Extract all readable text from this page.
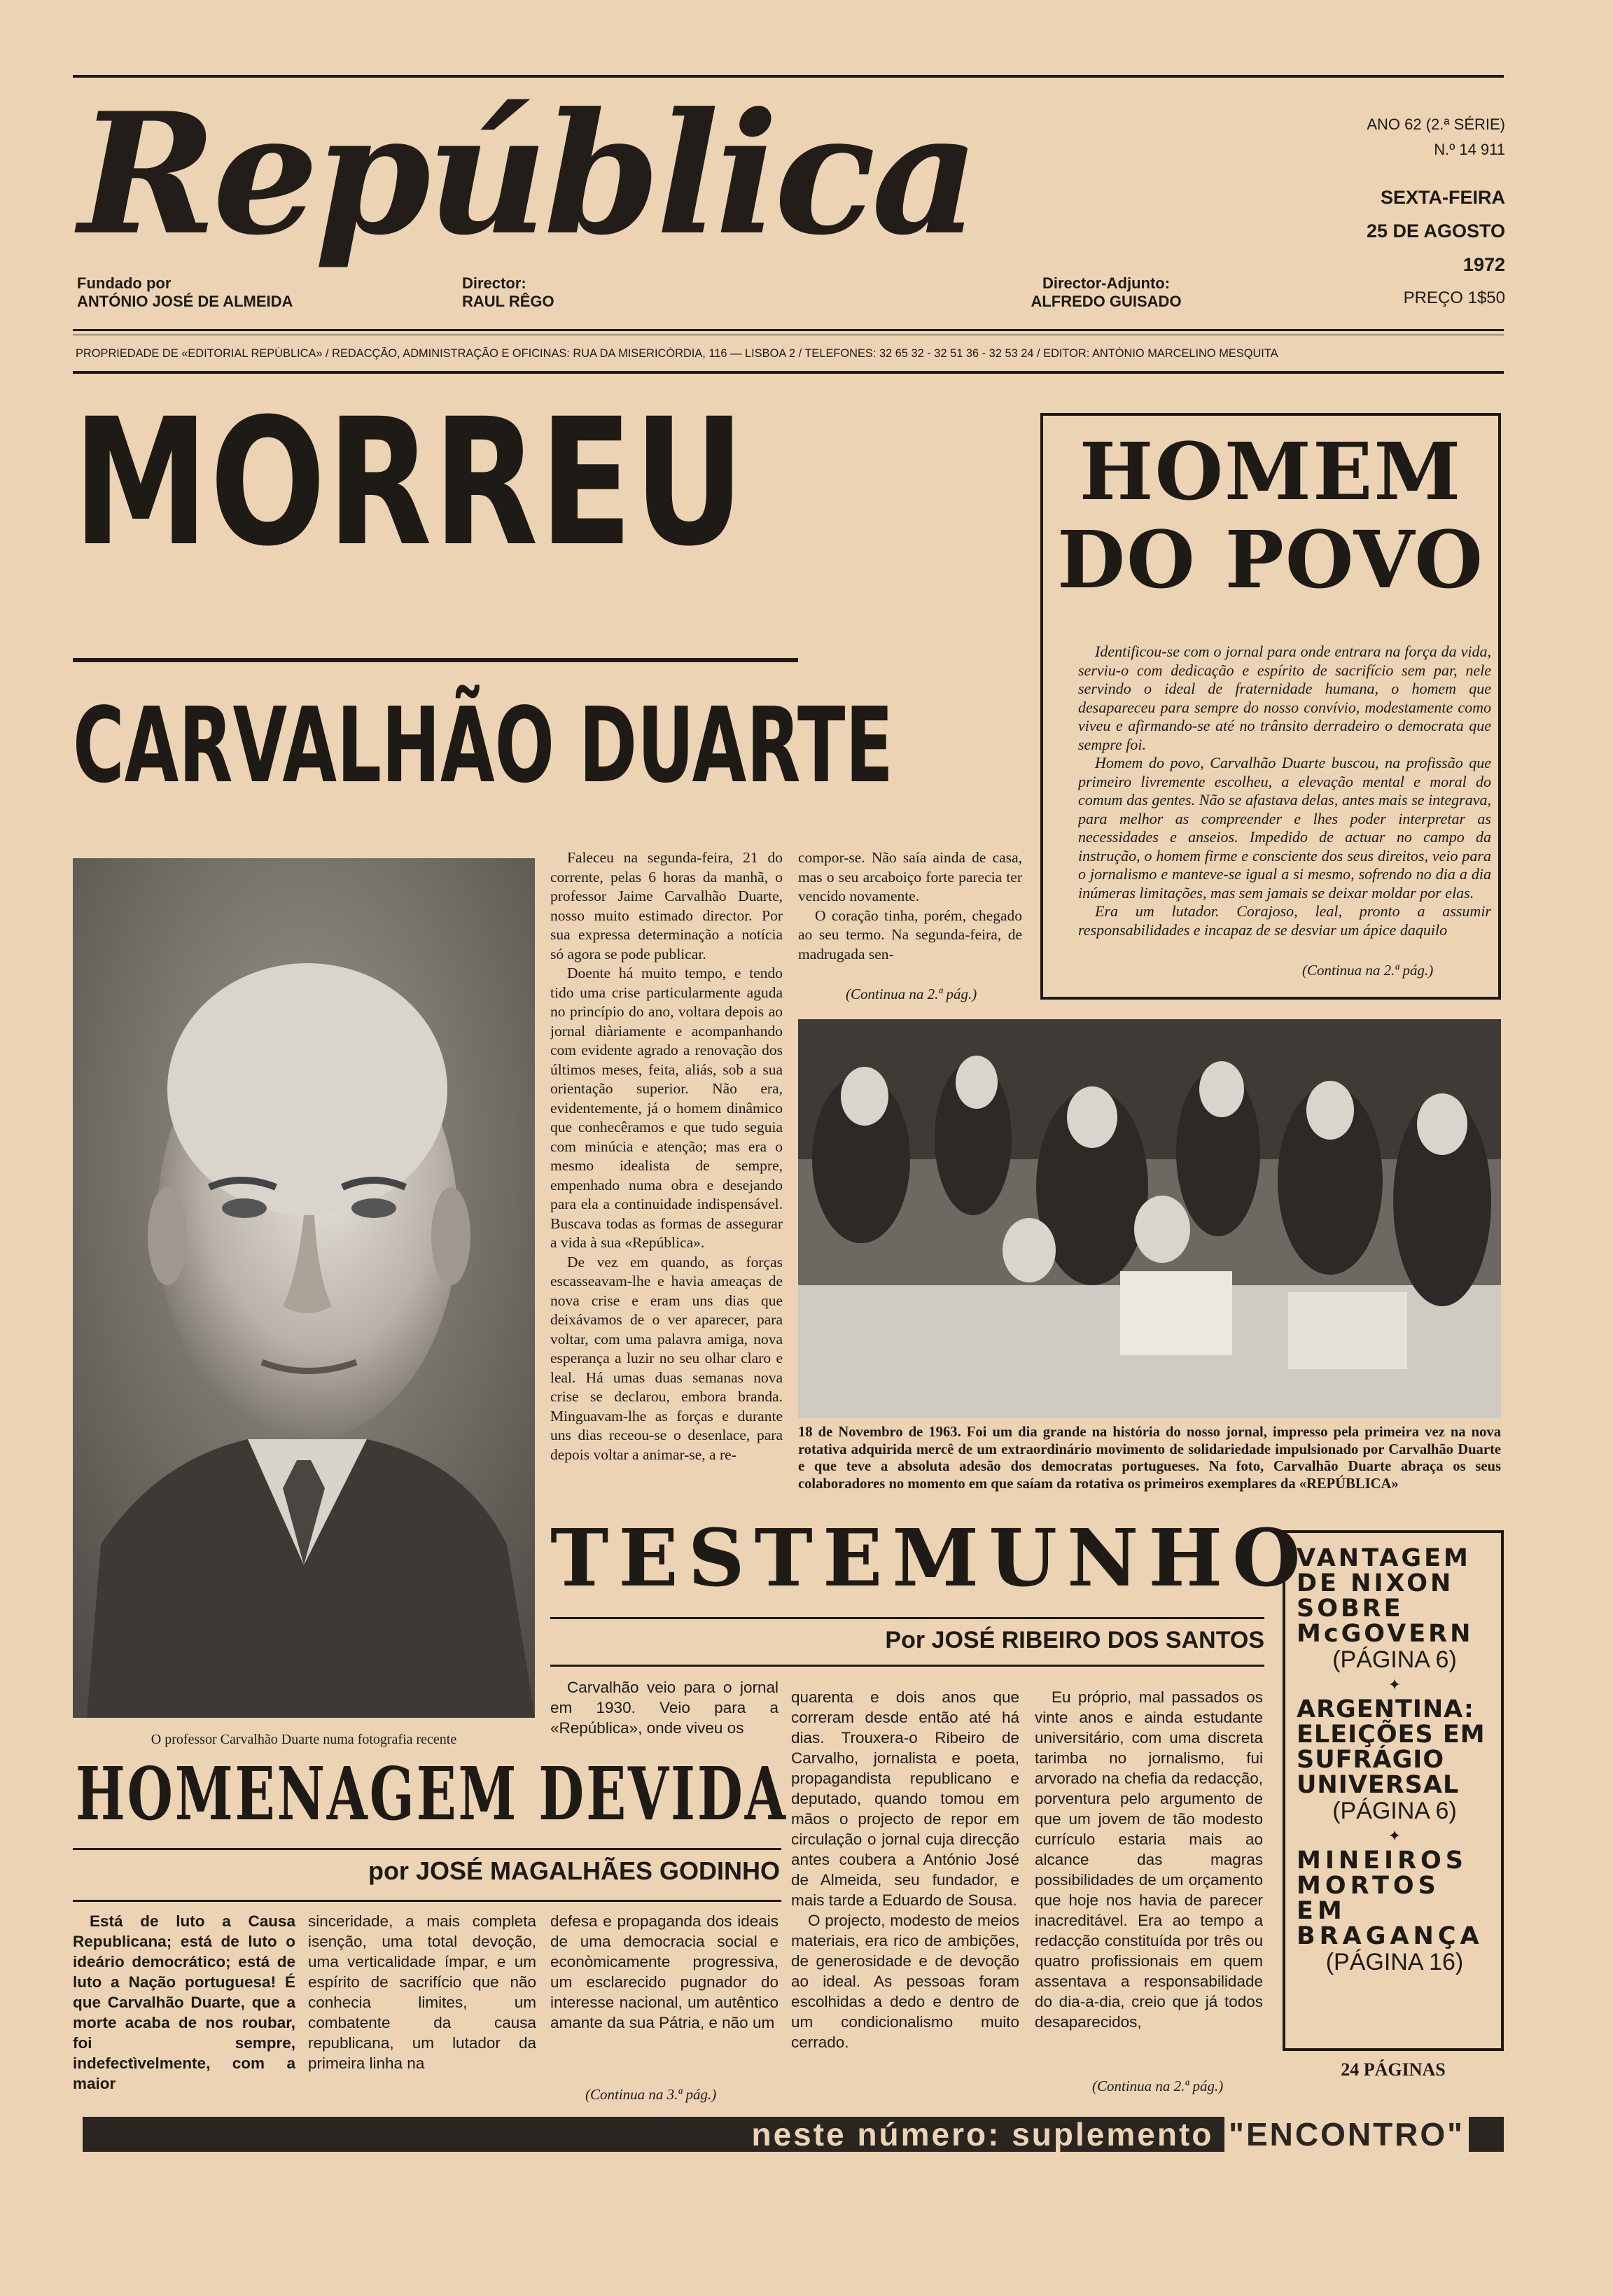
República
Fundado por
ANTÓNIO JOSÉ DE ALMEIDA
Director:
RAUL RÊGO
Director-Adjunto:
ALFREDO GUISADO
ANO 62 (2.ª SÉRIE)
N.º 14 911
SEXTA-FEIRA
25 DE AGOSTO
1972
PREÇO 1$50
PROPRIEDADE DE «EDITORIAL REPÚBLICA» / REDACÇÃO, ADMINISTRAÇÃO E OFICINAS: RUA DA MISERICÓRDIA, 116 — LISBOA 2 / TELEFONES: 32 65 32 - 32 51 36 - 32 53 24 / EDITOR: ANTÓNIO MARCELINO MESQUITA
MORREU
CARVALHÃO DUARTE
HOMEM
DO POVO

Identificou-se com o jornal para onde entrara na força da vida, serviu-o com dedicação e espírito de sacrifício sem par, nele servindo o ideal de fraternidade humana, o homem que desapareceu para sempre do nosso convívio, modestamente como viveu e afirmando-se até no trânsito derradeiro o democrata que sempre foi.

Homem do povo, Carvalhão Duarte buscou, na profissão que primeiro livremente escolheu, a elevação mental e moral do comum das gentes. Não se afastava delas, antes mais se integrava, para melhor as compreender e lhes poder interpretar as necessidades e anseios. Impedido de actuar no campo da instrução, o homem firme e consciente dos seus direitos, veio para o jornalismo e manteve-se igual a si mesmo, sofrendo no dia a dia inúmeras limitações, mas sem jamais se deixar moldar por elas.

Era um lutador. Corajoso, leal, pronto a assumir responsabilidades e incapaz de se desviar um ápice daquilo

(Continua na 2.ª pág.)
O professor Carvalhão Duarte numa fotografia recente

Faleceu na segunda-feira, 21 do corrente, pelas 6 horas da manhã, o professor Jaime Carvalhão Duarte, nosso muito estimado director. Por sua expressa determinação a notícia só agora se pode publicar.

Doente há muito tempo, e tendo tido uma crise particularmente aguda no princípio do ano, voltara depois ao jornal diàriamente e acompanhando com evidente agrado a renovação dos últimos meses, feita, aliás, sob a sua orientação superior. Não era, evidentemente, já o homem dinâmico que conhecêramos e que tudo seguia com minúcia e atenção; mas era o mesmo idealista de sempre, empenhado numa obra e desejando para ela a continuidade indispensável. Buscava todas as formas de assegurar a vida à sua «República».

De vez em quando, as forças escasseavam-lhe e havia ameaças de nova crise e eram uns dias que deixávamos de o ver aparecer, para voltar, com uma palavra amiga, nova esperança a luzir no seu olhar claro e leal. Há umas duas semanas nova crise se declarou, embora branda. Minguavam-lhe as forças e durante uns dias receou-se o desenlace, para depois voltar a animar-se, a re-

compor-se. Não saía ainda de casa, mas o seu arcaboiço forte parecia ter vencido novamente.

O coração tinha, porém, chegado ao seu termo. Na segunda-feira, de madrugada sen-

(Continua na 2.ª pág.)
18 de Novembro de 1963. Foi um dia grande na história do nosso jornal, impresso pela primeira vez na nova rotativa adquirida mercê de um extraordinário movimento de solidariedade impulsionado por Carvalhão Duarte e que teve a absoluta adesão dos democratas portugueses. Na foto, Carvalhão Duarte abraça os seus colaboradores no momento em que saíam da rotativa os primeiros exemplares da «REPÚBLICA»
TESTEMUNHO
Por JOSÉ RIBEIRO DOS SANTOS

Carvalhão veio para o jornal em 1930. Veio para a «República», onde viveu os

quarenta e dois anos que correram desde então até há dias. Trouxera-o Ribeiro de Carvalho, jornalista e poeta, propagandista republicano e deputado, quando tomou em mãos o projecto de repor em circulação o jornal cuja direcção antes coubera a António José de Almeida, seu fundador, e mais tarde a Eduardo de Sousa.

O projecto, modesto de meios materiais, era rico de ambições, de generosidade e de devoção ao ideal. As pessoas foram escolhidas a dedo e dentro de um condicionalismo muito cerrado.

Eu próprio, mal passados os vinte anos e ainda estudante universitário, com uma discreta tarimba no jornalismo, fui arvorado na chefia da redacção, porventura pelo argumento de que um jovem de tão modesto currículo estaria mais ao alcance das magras possibilidades de um orçamento que hoje nos havia de parecer inacreditável. Era ao tempo a redacção constituída por três ou quatro profissionais em quem assentava a responsabilidade do dia-a-dia, creio que já todos desaparecidos,

(Continua na 2.ª pág.)
HOMENAGEM DEVIDA
por JOSÉ MAGALHÃES GODINHO

Está de luto a Causa Republicana; está de luto o ideário democrático; está de luto a Nação portuguesa! É que Carvalhão Duarte, que a morte acaba de nos roubar, foi sempre, indefectìvelmente, com a maior

sinceridade, a mais completa isenção, uma total devoção, uma verticalidade ímpar, e um espírito de sacrifício que não conhecia limites, um combatente da causa republicana, um lutador da primeira linha na

defesa e propaganda dos ideais de uma democracia social e econòmicamente progressiva, um esclarecido pugnador do interesse nacional, um autêntico amante da sua Pátria, e não um

(Continua na 3.ª pág.)
VANTAGEM DE NIXON SOBRE McGOVERN
(PÁGINA 6)
✦
ARGENTINA: ELEIÇÕES EM SUFRÁGIO UNIVERSAL
(PÁGINA 6)
✦
MINEIROS MORTOS EM BRAGANÇA
(PÁGINA 16)
24 PÁGINAS
neste número: suplemento "ENCONTRO"
